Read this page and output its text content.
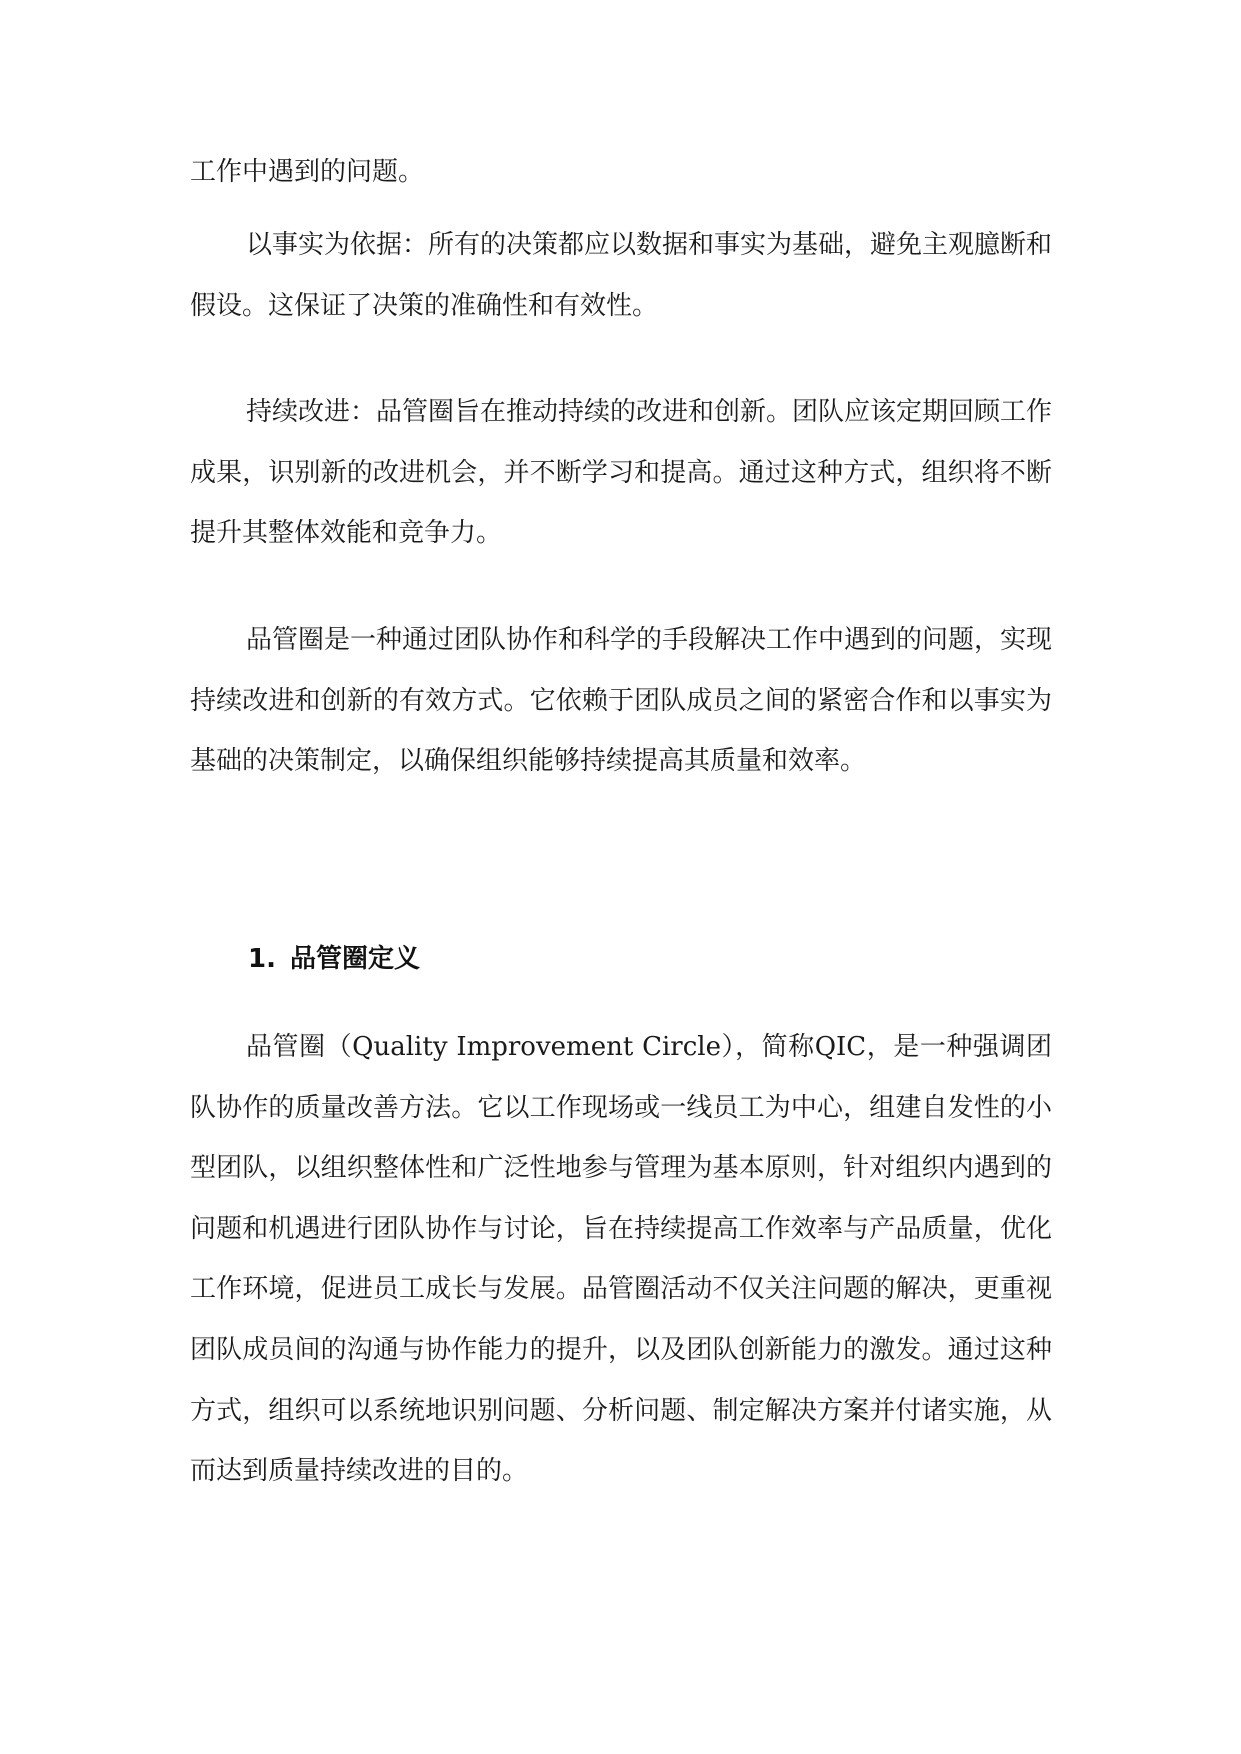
工作中遇到的问题。

以事实为依据：所有的决策都应以数据和事实为基础，避免主观臆断和假设。这保证了决策的准确性和有效性。

持续改进：品管圈旨在推动持续的改进和创新。团队应该定期回顾工作成果，识别新的改进机会，并不断学习和提高。通过这种方式，组织将不断提升其整体效能和竞争力。

品管圈是一种通过团队协作和科学的手段解决工作中遇到的问题，实现持续改进和创新的有效方式。它依赖于团队成员之间的紧密合作和以事实为基础的决策制定，以确保组织能够持续提高其质量和效率。

1. 品管圈定义

品管圈（Quality Improvement Circle），简称QIC，是一种强调团队协作的质量改善方法。它以工作现场或一线员工为中心，组建自发性的小型团队，以组织整体性和广泛性地参与管理为基本原则，针对组织内遇到的问题和机遇进行团队协作与讨论，旨在持续提高工作效率与产品质量，优化工作环境，促进员工成长与发展。品管圈活动不仅关注问题的解决，更重视团队成员间的沟通与协作能力的提升，以及团队创新能力的激发。通过这种方式，组织可以系统地识别问题、分析问题、制定解决方案并付诸实施，从而达到质量持续改进的目的。
